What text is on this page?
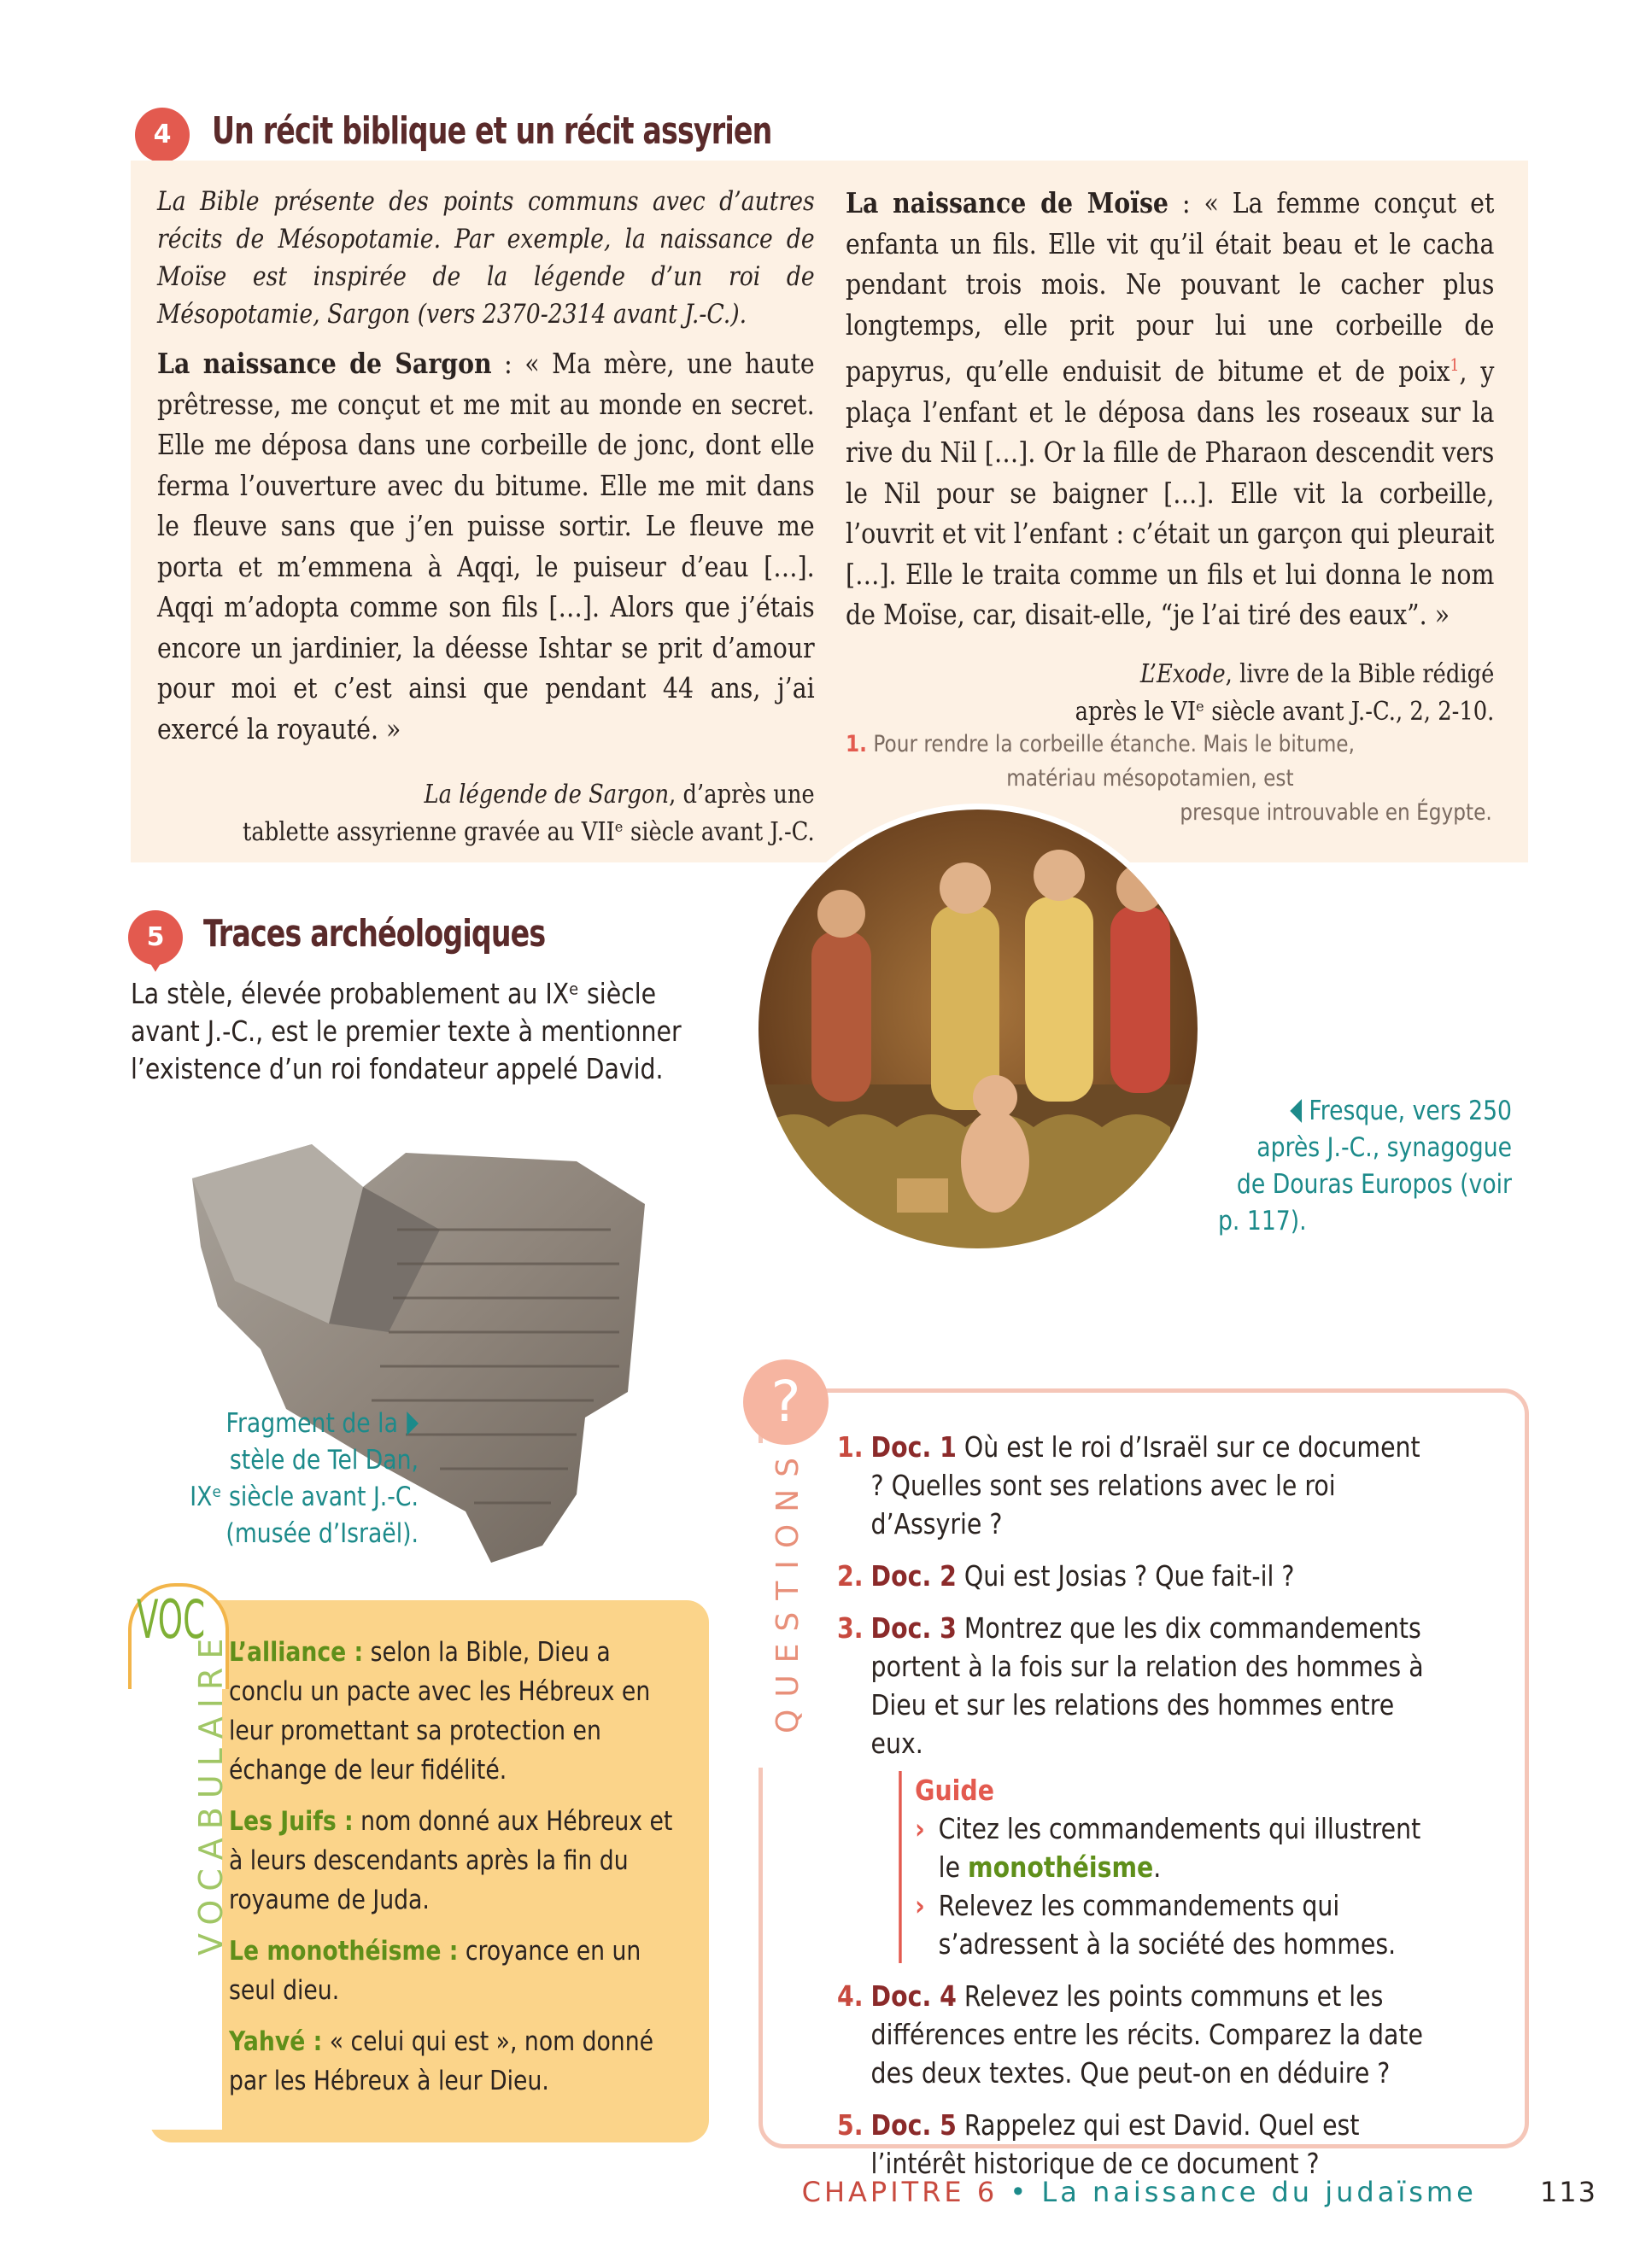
4	Un récit biblique et un récit assyrien

La Bible présente des points communs avec d’autres récits de Mésopotamie. Par exemple, la naissance de Moïse est inspirée de la légende d’un roi de Mésopotamie, Sargon (vers 2370-2314 avant J.-C.).

La naissance de Sargon : « Ma mère, une haute prêtresse, me conçut et me mit au monde en secret. Elle me déposa dans une corbeille de jonc, dont elle ferma l’ouverture avec du bitume. Elle me mit dans le fleuve sans que j’en puisse sortir. Le fleuve me porta et m’emmena à Aqqi, le puiseur d’eau […]. Aqqi m’adopta comme son fils […]. Alors que j’étais encore un jardinier, la déesse Ishtar se prit d’amour pour moi et c’est ainsi que pendant 44 ans, j’ai exercé la royauté. »

La légende de Sargon, d’après une
tablette assyrienne gravée au VIIᵉ siècle avant J.-C.

La naissance de Moïse : « La femme conçut et enfanta un fils. Elle vit qu’il était beau et le cacha pendant trois mois. Ne pouvant le cacher plus longtemps, elle prit pour lui une corbeille de papyrus, qu’elle enduisit de bitume et de poix$^1$, y plaça l’enfant et le déposa dans les roseaux sur la rive du Nil […]. Or la fille de Pharaon descendit vers le Nil pour se baigner […]. Elle vit la corbeille, l’ouvrit et vit l’enfant : c’était un garçon qui pleurait […]. Elle le traita comme un fils et lui donna le nom de Moïse, car, disait-elle, “je l’ai tiré des eaux”. »

L’Exode, livre de la Bible rédigé
après le VIᵉ siècle avant J.-C., 2, 2-10.

1. Pour rendre la corbeille étanche. Mais le bitume,
matériau mésopotamien, est
presque introuvable en Égypte.
Fresque, vers 250
après J.-C., synagogue
de Douras Europos (voir
p. 117).
5	Traces archéologiques
La stèle, élevée probablement au IXᵉ siècle avant J.-C., est le premier texte à mentionner l’existence d’un roi fondateur appelé David.
Fragment de la
stèle de Tel Dan,
IXᵉ siècle avant J.-C.
(musée d’Israël).
VOC
VOCABULAIRE L’alliance : selon la Bible, Dieu a conclu un pacte avec les Hébreux en leur promettant sa protection en échange de leur fidélité.

Les Juifs : nom donné aux Hébreux et à leurs descendants après la fin du royaume de Juda.

Le monothéisme : croyance en un seul dieu.

Yahvé : « celui qui est », nom donné par les Hébreux à leur Dieu.

?
QUESTIONS 1. Doc. 1 Où est le roi d’Israël sur ce document ? Quelles sont ses relations avec le roi d’Assyrie ?
2. Doc. 2 Qui est Josias ? Que fait-il ?
3. Doc. 3 Montrez que les dix commandements portent à la fois sur la relation des hommes à Dieu et sur les relations des hommes entre eux.
Guide
› Citez les commandements qui illustrent le monothéisme.
› Relevez les commandements qui s’adressent à la société des hommes.
4. Doc. 4 Relevez les points communs et les différences entre les récits. Comparez la date des deux textes. Que peut-on en déduire ?
5. Doc. 5 Rappelez qui est David. Quel est l’intérêt historique de ce document ?
CHAPITRE 6 • La naissance du judaïsme 113
